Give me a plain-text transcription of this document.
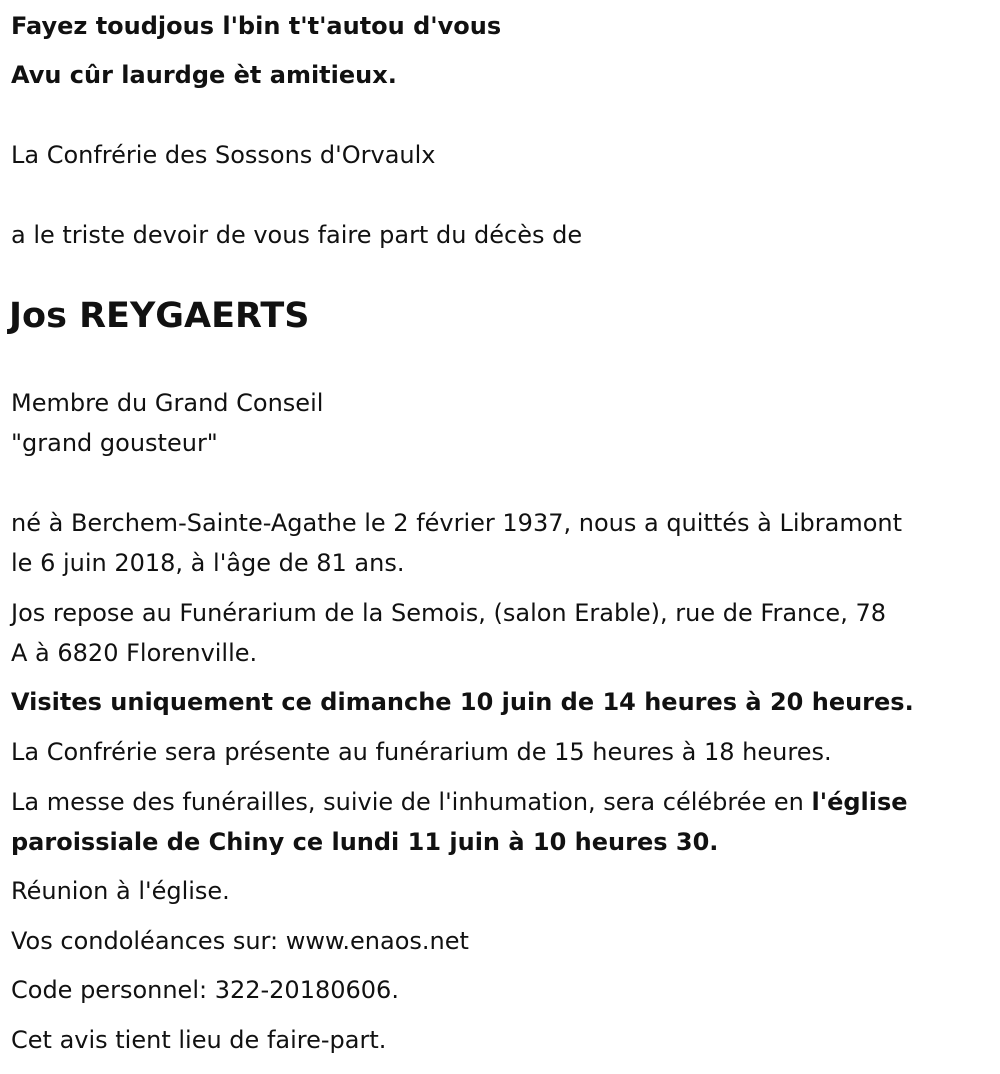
Fayez toudjous l'bin t't'autou d'vous

Avu cûr laurdge èt amitieux.

La Confrérie des Sossons d'Orvaulx

a le triste devoir de vous faire part du décès de

Jos REYGAERTS

Membre du Grand Conseil

"grand gousteur"

né à Berchem-Sainte-Agathe le 2 février 1937, nous a quittés à Libramont

le 6 juin 2018, à l'âge de 81 ans.

Jos repose au Funérarium de la Semois, (salon Erable), rue de France, 78

A à 6820 Florenville.

Visites uniquement ce dimanche 10 juin de 14 heures à 20 heures.

La Confrérie sera présente au funérarium de 15 heures à 18 heures.

La messe des funérailles, suivie de l'inhumation, sera célébrée en l'église

paroissiale de Chiny ce lundi 11 juin à 10 heures 30.

Réunion à l'église.

Vos condoléances sur: www.enaos.net

Code personnel: 322-20180606.

Cet avis tient lieu de faire-part.
